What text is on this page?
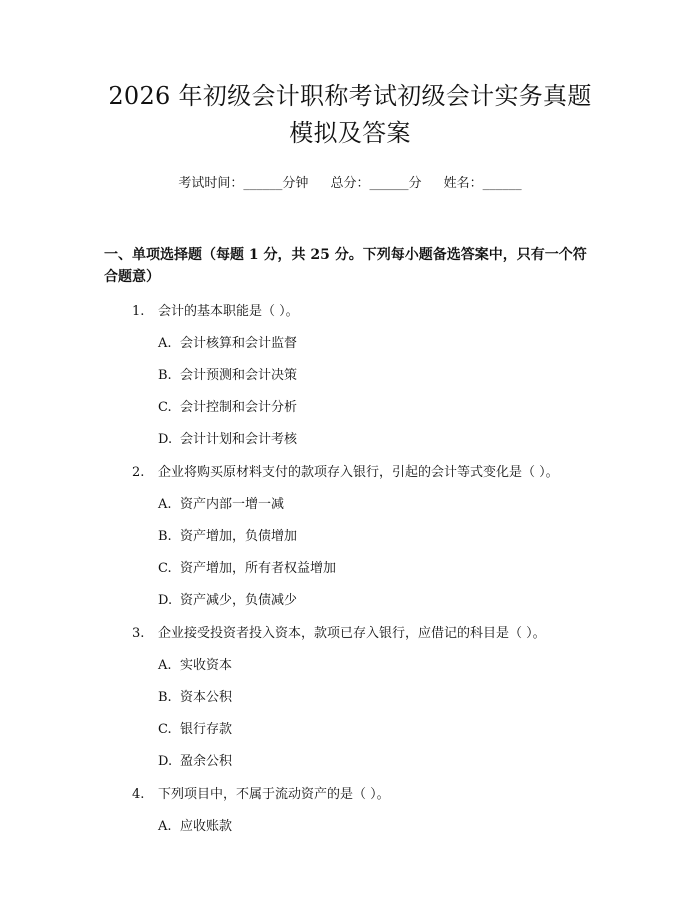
2026 年初级会计职称考试初级会计实务真题
模拟及答案
考试时间：______分钟 总分：______分 姓名：______
一、单项选择题（每题 1 分，共 25 分。下列每小题备选答案中，只有一个符合题意）
1.	会计的基本职能是（ ）。
A. 会计核算和会计监督
B. 会计预测和会计决策
C. 会计控制和会计分析
D. 会计计划和会计考核
2.	企业将购买原材料支付的款项存入银行，引起的会计等式变化是（ ）。
A. 资产内部一增一减
B. 资产增加，负债增加
C. 资产增加，所有者权益增加
D. 资产减少，负债减少
3.	企业接受投资者投入资本，款项已存入银行，应借记的科目是（ ）。
A. 实收资本
B. 资本公积
C. 银行存款
D. 盈余公积
4.	下列项目中，不属于流动资产的是（ ）。
A. 应收账款
